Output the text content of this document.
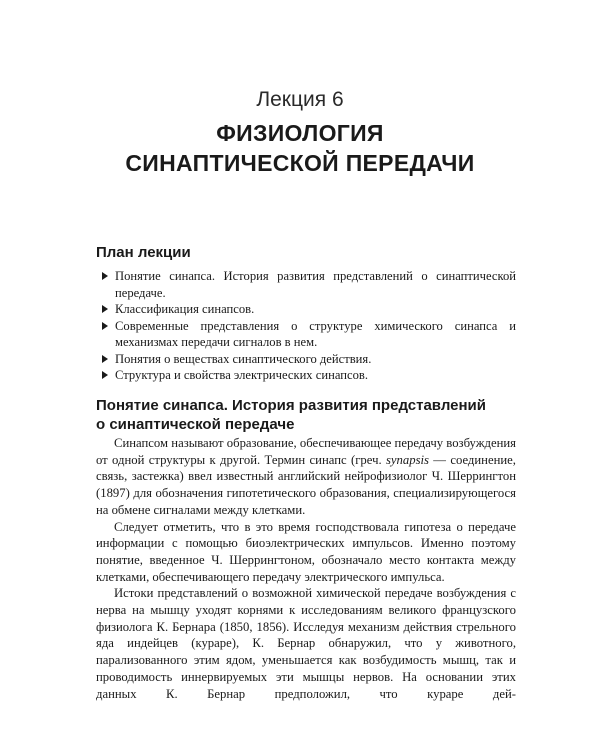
Лекция 6
ФИЗИОЛОГИЯ
СИНАПТИЧЕСКОЙ ПЕРЕДАЧИ
План лекции
Понятие синапса. История развития представлений о синаптической передаче.
Классификация синапсов.
Современные представления о структуре химического синапса и механизмах передачи сигналов в нем.
Понятия о веществах синаптического действия.
Структура и свойства электрических синапсов.
Понятие синапса. История развития представлений
о синаптической передаче

Синапсом называют образование, обеспечивающее передачу возбуждения от одной структуры к другой. Термин синапс (греч. synapsis — соединение, связь, застежка) ввел известный английский нейрофизиолог Ч. Шеррингтон (1897) для обозначения гипотетического образования, специализирующегося на обмене сигналами между клетками.

Следует отметить, что в это время господствовала гипотеза о передаче информации с помощью биоэлектрических импульсов. Именно поэтому понятие, введенное Ч. Шеррингтоном, обозначало место контакта между клетками, обеспечивающего передачу электрического импульса.

Истоки представлений о возможной химической передаче возбуждения с нерва на мышцу уходят корнями к исследованиям великого французского физиолога К. Бернара (1850, 1856). Исследуя механизм действия стрельного яда индейцев (кураре), К. Бернар обнаружил, что у животного, парализованного этим ядом, уменьшается как возбудимость мышц, так и проводимость иннервируемых эти мышцы нервов. На основании этих данных К. Бернар предположил, что кураре дей-
